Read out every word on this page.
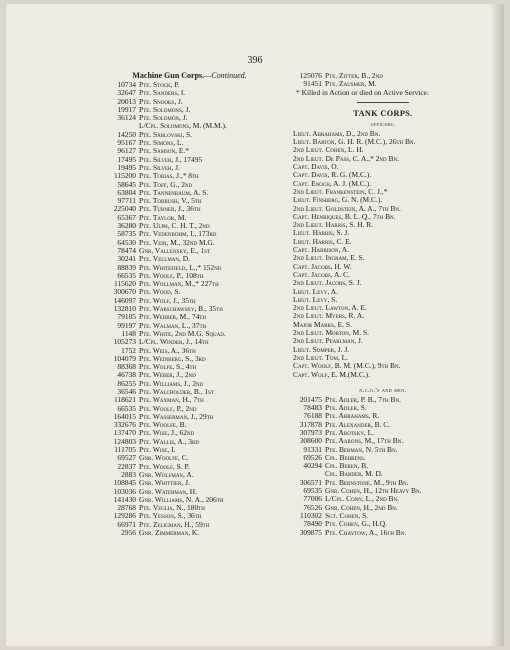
396
Machine Gun Corps.—Continued.
10734 Pte. Stock, P.
32647 Pte. Sanders, I.
20013 Pte. Snooks, J.
19917 Pte. Solomons, J.
36124 Pte. Solomon, J.
L/Cpl. Solomons, M. (M.M.).
14250 Pte. Sablovski, S.
95167 Pte. Simons, L.
96127 Pte. Samson, E.*
17495 Pte. Silver, J., 17495
19495 Pte. Silver, J.
115200 Pte. Tobias, J.,* 8th
58645 Pte. Toff, G., 2nd
63804 Pte. Tannenbaum, A. S.
97711 Pte. Tobbush, V., 5th
225040 Pte. Turner, J., 36th
65367 Pte. Taylor, M.
36280 Pte. Ulph, C. H. T., 2nd
58735 Pte. Vedenbohm, I., 173rd
64530 Pte. Vein, M., 32nd M.G.
78474 Gnr. Vallensky, E., 1st
30241 Pte. Vellman, D.
88839 Pte. Whitefield, L.,* 152nd
66535 Pte. Woolf, P., 108th
115620 Pte. Wollman, M.,* 227th
300670 Pte. Wood, S.
146097 Pte. Wolf, J., 35th
132810 Pte. Warschawsky, B., 35th
79105 Pte. Webber, M., 74th
99197 Pte. Walman, L., 37th
1148 Pte. White, 2nd M.G. Squad.
105273 L/Cpl. Winder, J., 14th
1752 Pte. Weis, A., 36th
104079 Pte. Weinberg, S., 3rd
88368 Pte. Wolfe, S., 4th
46738 Pte. Weber, J., 2nd
86255 Pte. Williams, J., 2nd
36546 Pte. Walcholder, B., 1st
118621 Pte. Waxman, H., 7th
66535 Pte. Woolf, P., 2nd
164015 Pte. Wasserman, J., 29th
332676 Pte. Woolfe, B.
137470 Pte. Wise, J., 62nd
124803 Pte. Wallis, A., 3rd
111705 Pte. Wise, I.
69527 Gnr. Woolfe, C.
22837 Pte. Woolf, S. P.
2883 Gnr. Wolfman, A.
108845 Gnr. Whittier, J.
103036 Gnr. Waterman, H.
141430 Gnr. Williams, N. A., 206th
28768 Pte. Veglis, N., 180th
129286 Pte. Yesson, S., 36th
66971 Pte. Zeligman, H., 59th
2956 Gnr. Zimmerman, K.
125076 Pte. Zitter, B., 2nd
91451 Pte. Zausmer, M.
* Killed in Action or died on Active Service.
TANK CORPS.
officers.
Lieut. Abrahams, D., 2nd Bn.
Lieut. Barton, G. H. R. (M.C.), 26th Bn.
2nd Lieut. Cohen, L. H.
2nd Lieut. De Pass, C. A.,* 2nd Bn.
Capt. Davis, O.
Capt. Davis, R. G. (M.C.).
Capt. Enoch, A. J. (M.C.).
2nd Lieut. Frankenstein, C. J.,*
Lieut. Finsberg, G. N. (M.C.).
2nd Lieut. Goldstein, A. A., 7th Bn.
Capt. Henriques, B. L. Q., 7th Bn.
2nd Lieut. Harris, S. H. R.
Lieut. Harris, S. J.
Lieut. Harris, C. E.
Capt. Harrison, A.
2nd Lieut. Ingram, E. S.
Capt. Jacobs, H. W.
Capt. Jacobs, A. C.
2nd Lieut. Jacobs, S. J.
Lieut. Levy, A.
Lieut. Levy, S.
2nd Lieut. Lawton, A. E.
2nd Lieut. Myers, R. A.
Major Marks, E. S.
2nd Lieut. Morton, M. S.
2nd Lieut. Pearlman, J.
Lieut. Somper, J. J.
2nd Lieut. Tom, L.
Capt. Woolf, B. M. (M.C.), 9th Bn.
Capt. Wolf, E. M.(M.C.).
n.c.o.'s and men.
201475 Pte. Adler, P. B., 7th Bn.
78483 Pte. Adler, S.
76188 Pte. Abrahams, R.
317878 Pte. Alexander, B. C.
307973 Pte. Arotsky, L.
308600 Pte. Aarons, M., 17th Bn.
91331 Pte. Berman, N. 5th Bn.
69526 Cpl. Behrens.
40294 Cpl. Beren, B.
Cpl. Barder, M. D.
306571 Pte. Bernstone, M., 9th Bn.
69535 Gnr. Cohen, H., 12th Heavy Bn.
77006 L/Cpl. Conn, L., 2nd Bn.
76526 Gnr. Cohen, H., 2nd Bn.
110302 Sgt. Cohen, S.
78490 Pte. Cohen, G., H.Q.
309875 Pte. Chaytow, A., 16th Bn.
